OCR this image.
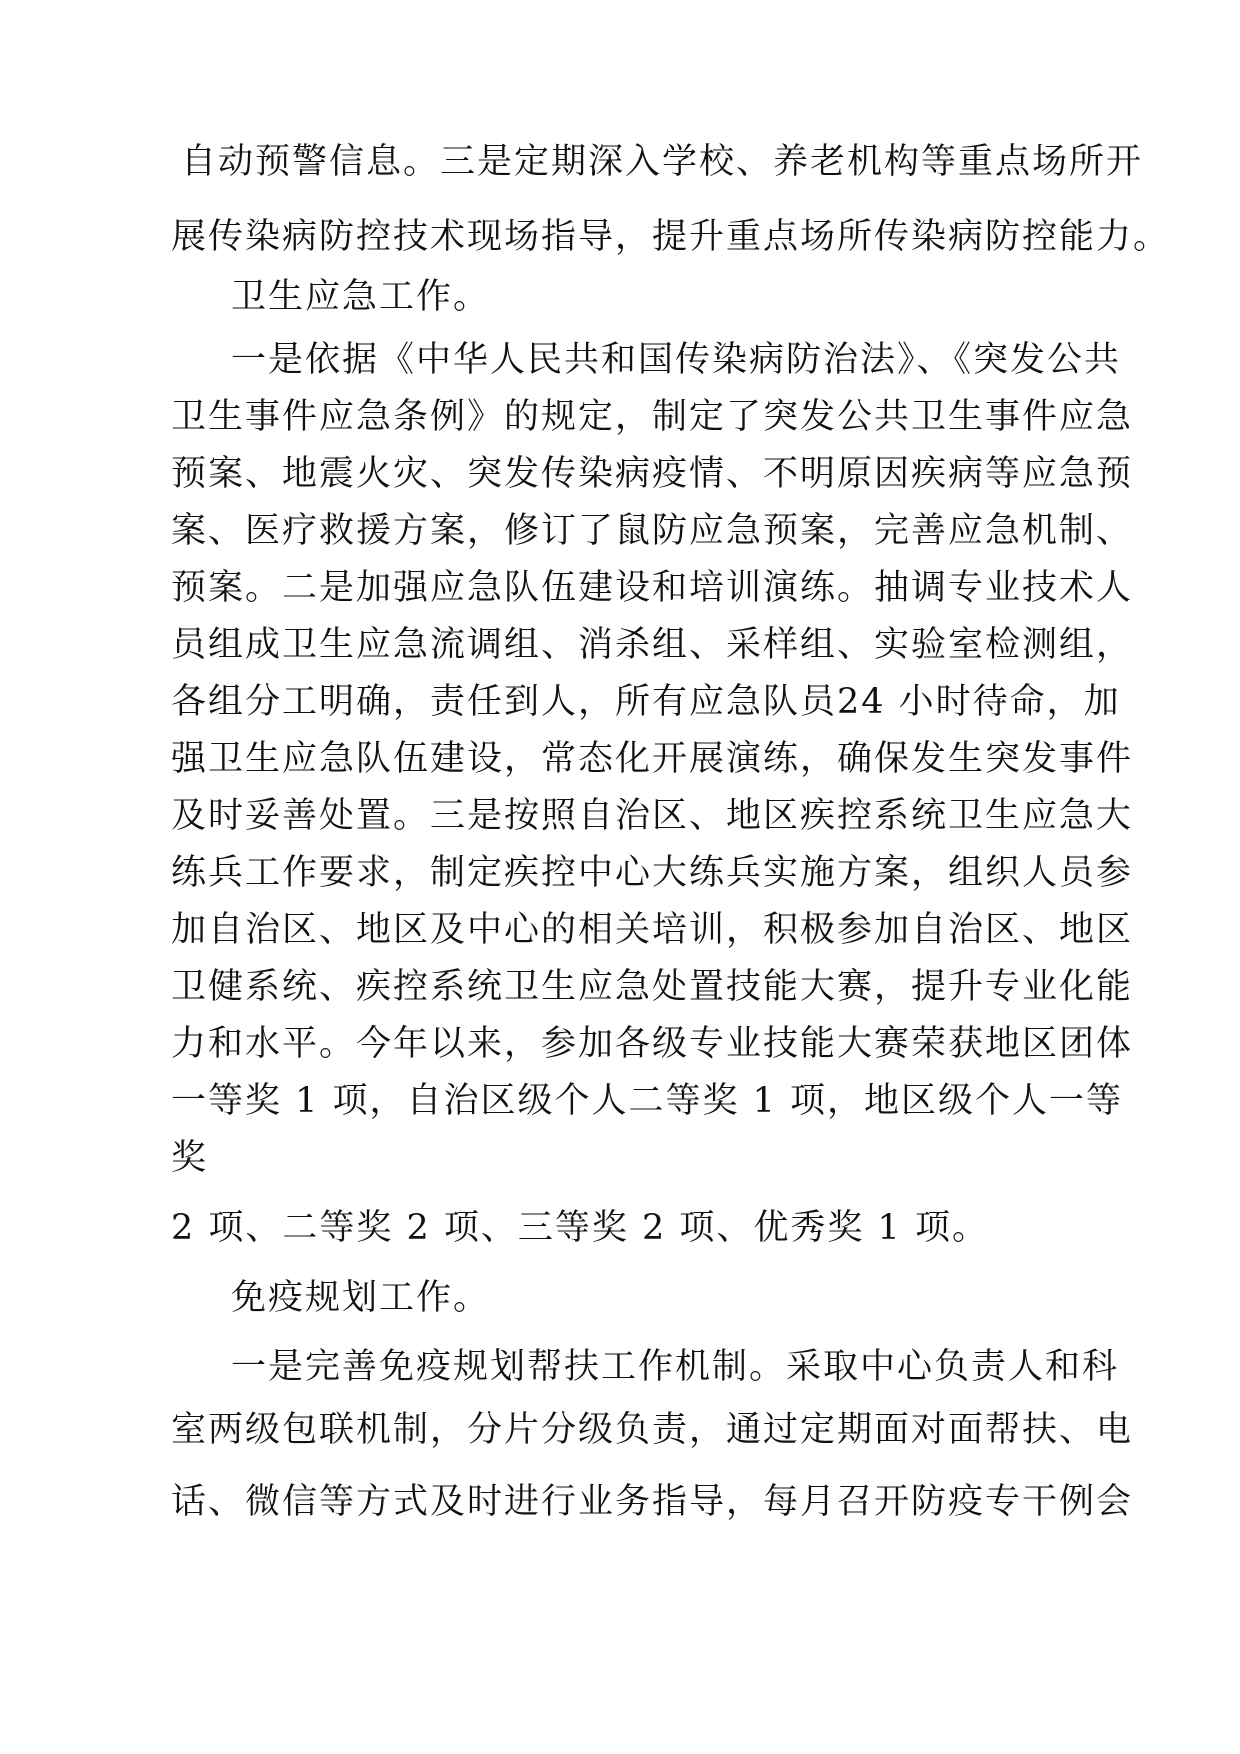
自动预警信息。三是定期深入学校、养老机构等重点场所开
展传染病防控技术现场指导，提升重点场所传染病防控能力。
卫生应急工作。
一是依据《中华人民共和国传染病防治法》、《突发公共
卫生事件应急条例》的规定，制定了突发公共卫生事件应急
预案、地震火灾、突发传染病疫情、不明原因疾病等应急预
案、医疗救援方案，修订了鼠防应急预案，完善应急机制、
预案。二是加强应急队伍建设和培训演练。抽调专业技术人
员组成卫生应急流调组、消杀组、采样组、实验室检测组，
各组分工明确，责任到人，所有应急队员24 小时待命，加
强卫生应急队伍建设，常态化开展演练，确保发生突发事件
及时妥善处置。三是按照自治区、地区疾控系统卫生应急大
练兵工作要求，制定疾控中心大练兵实施方案，组织人员参
加自治区、地区及中心的相关培训，积极参加自治区、地区
卫健系统、疾控系统卫生应急处置技能大赛，提升专业化能
力和水平。今年以来，参加各级专业技能大赛荣获地区团体
一等奖 1 项，自治区级个人二等奖 1 项，地区级个人一等
奖
2 项、二等奖 2 项、三等奖 2 项、优秀奖 1 项。
免疫规划工作。
一是完善免疫规划帮扶工作机制。采取中心负责人和科
室两级包联机制，分片分级负责，通过定期面对面帮扶、电
话、微信等方式及时进行业务指导，每月召开防疫专干例会
